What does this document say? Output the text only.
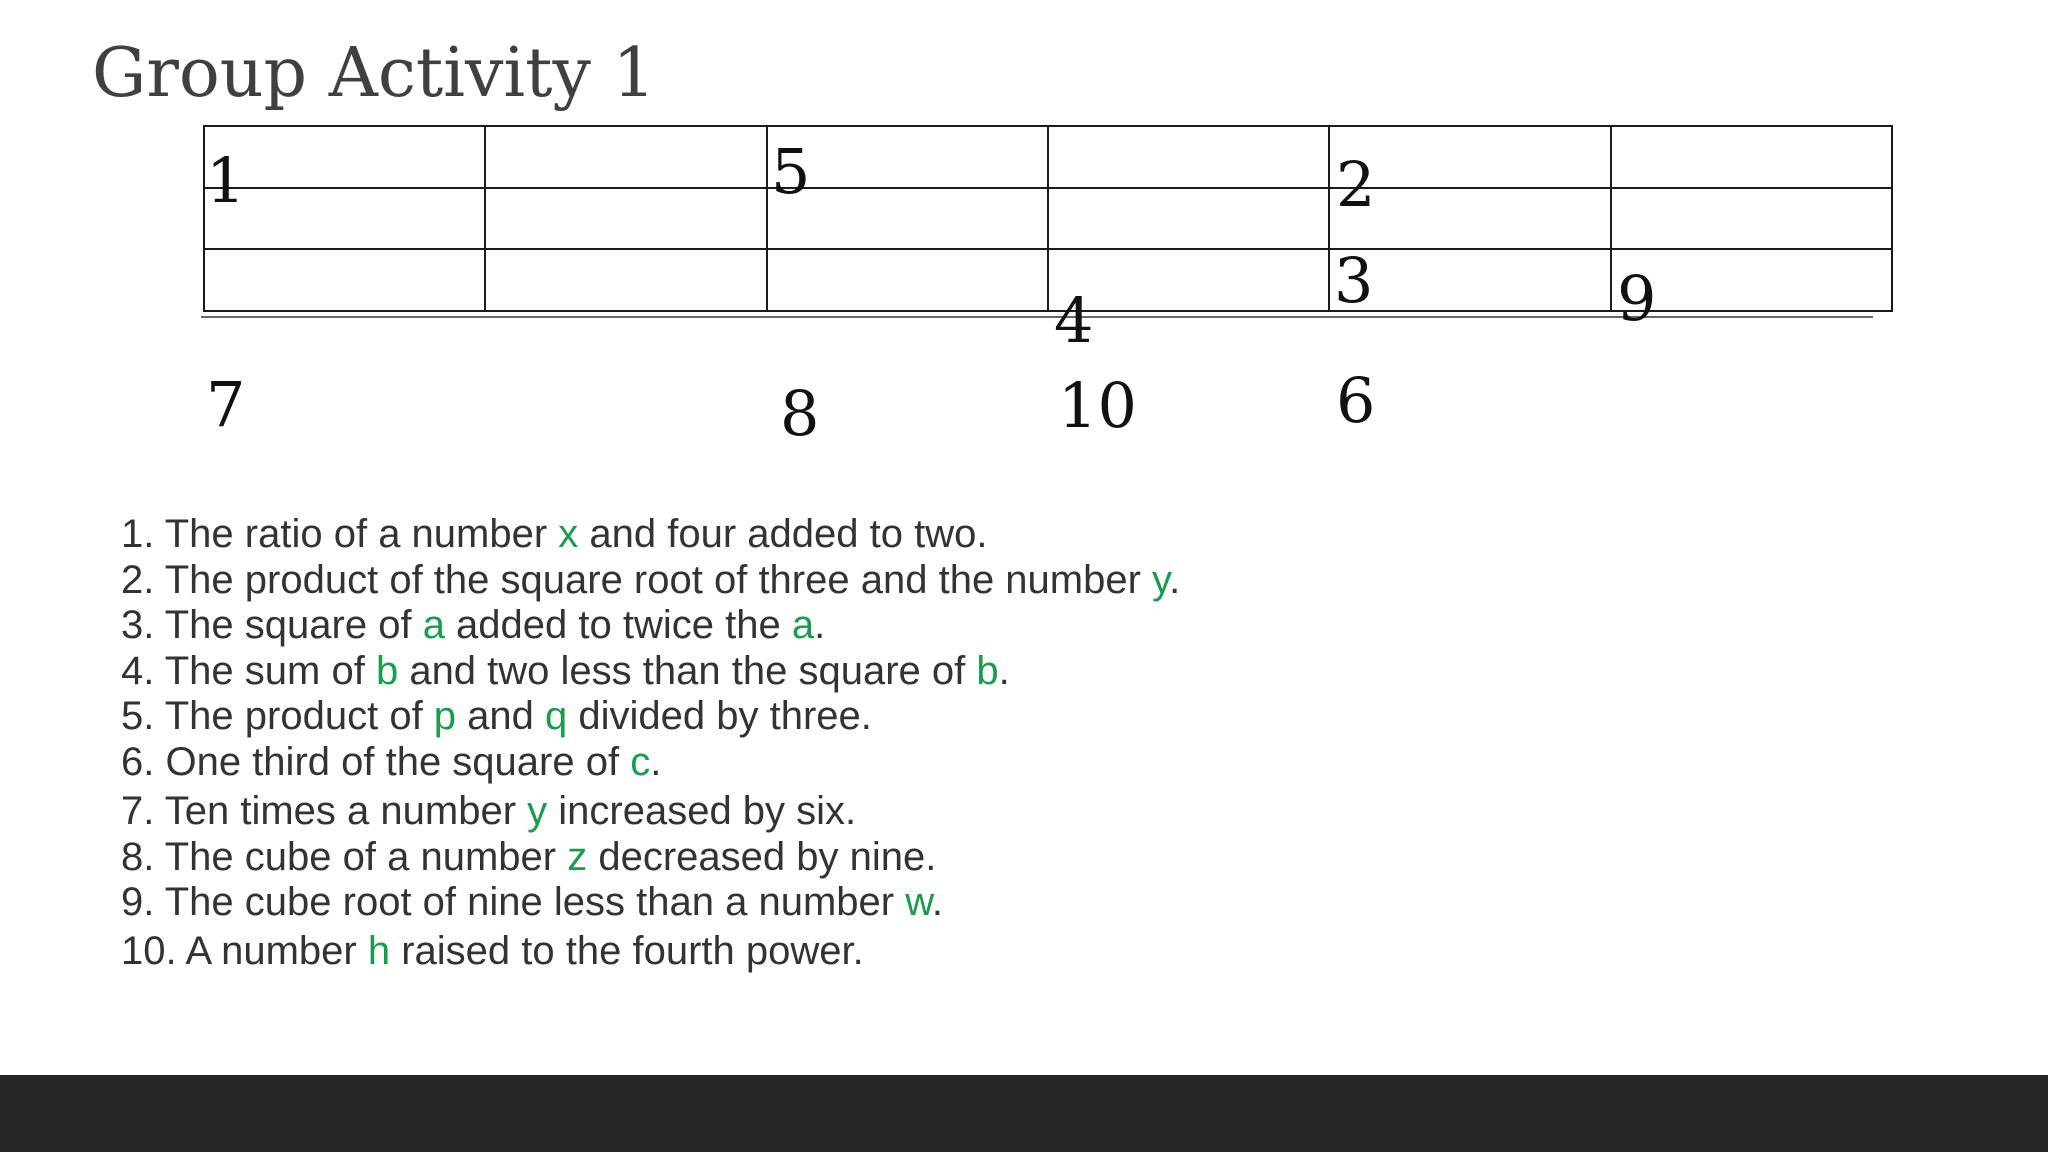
Group Activity 1

1	5	2
3	9
4
7	8	10	6
1. The ratio of a number x and four added to two.
2. The product of the square root of three and the number y.
3. The square of a added to twice the a.
4. The sum of b and two less than the square of b.
5. The product of p and q divided by three.
6. One third of the square of c.
7. Ten times a number y increased by six.
8. The cube of a number z decreased by nine.
9. The cube root of nine less than a number w.
10. A number h raised to the fourth power.
